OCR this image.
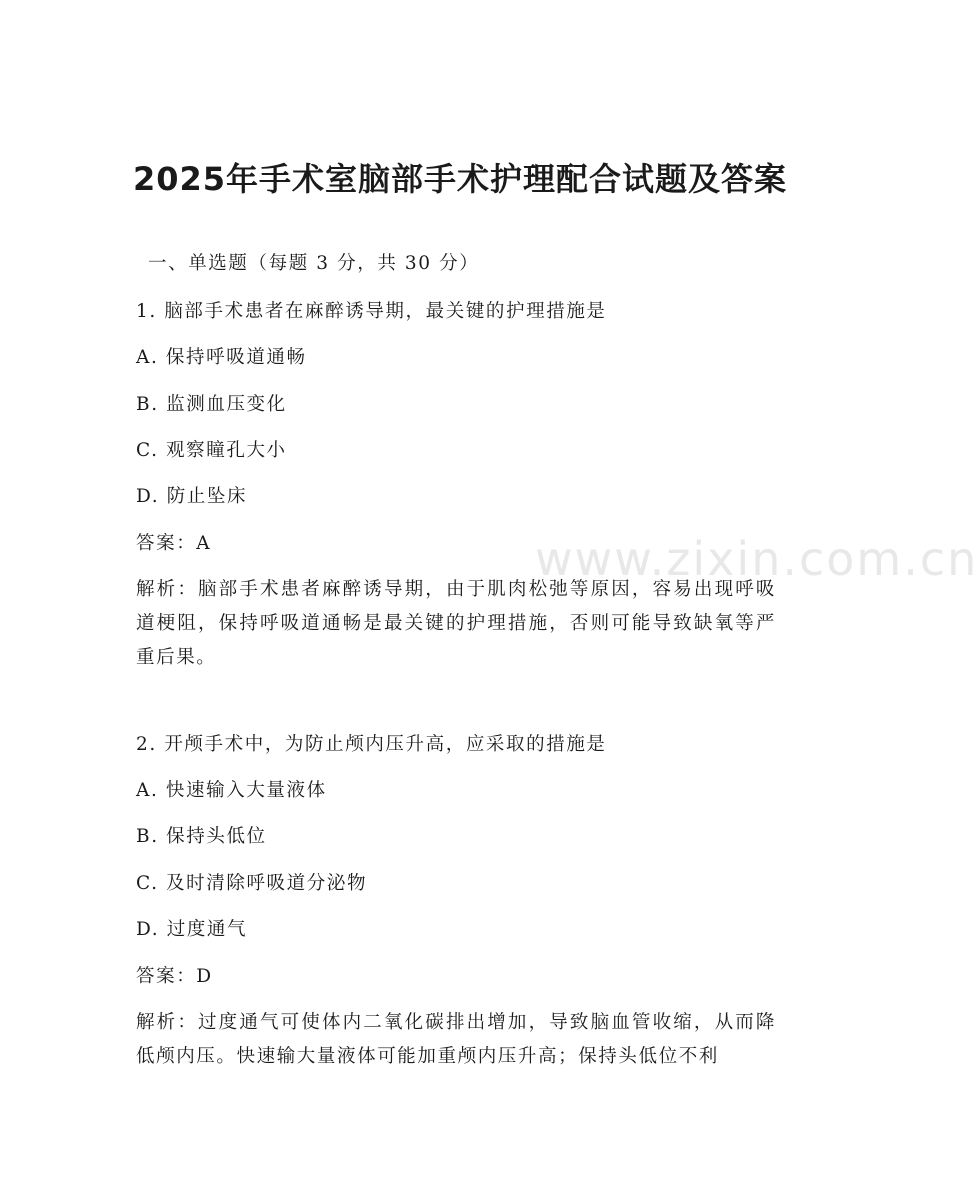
2025年手术室脑部手术护理配合试题及答案

一、单选题（每题 3 分，共 30 分）

1. 脑部手术患者在麻醉诱导期，最关键的护理措施是

A. 保持呼吸道通畅

B. 监测血压变化

C. 观察瞳孔大小

D. 防止坠床

答案：A

解析：脑部手术患者麻醉诱导期，由于肌肉松弛等原因，容易出现呼吸道梗阻，保持呼吸道通畅是最关键的护理措施，否则可能导致缺氧等严重后果。

2. 开颅手术中，为防止颅内压升高，应采取的措施是

A. 快速输入大量液体

B. 保持头低位

C. 及时清除呼吸道分泌物

D. 过度通气

答案：D

解析：过度通气可使体内二氧化碳排出增加，导致脑血管收缩，从而降低颅内压。快速输大量液体可能加重颅内压升高；保持头低位不利

www.zixin.com.cn
